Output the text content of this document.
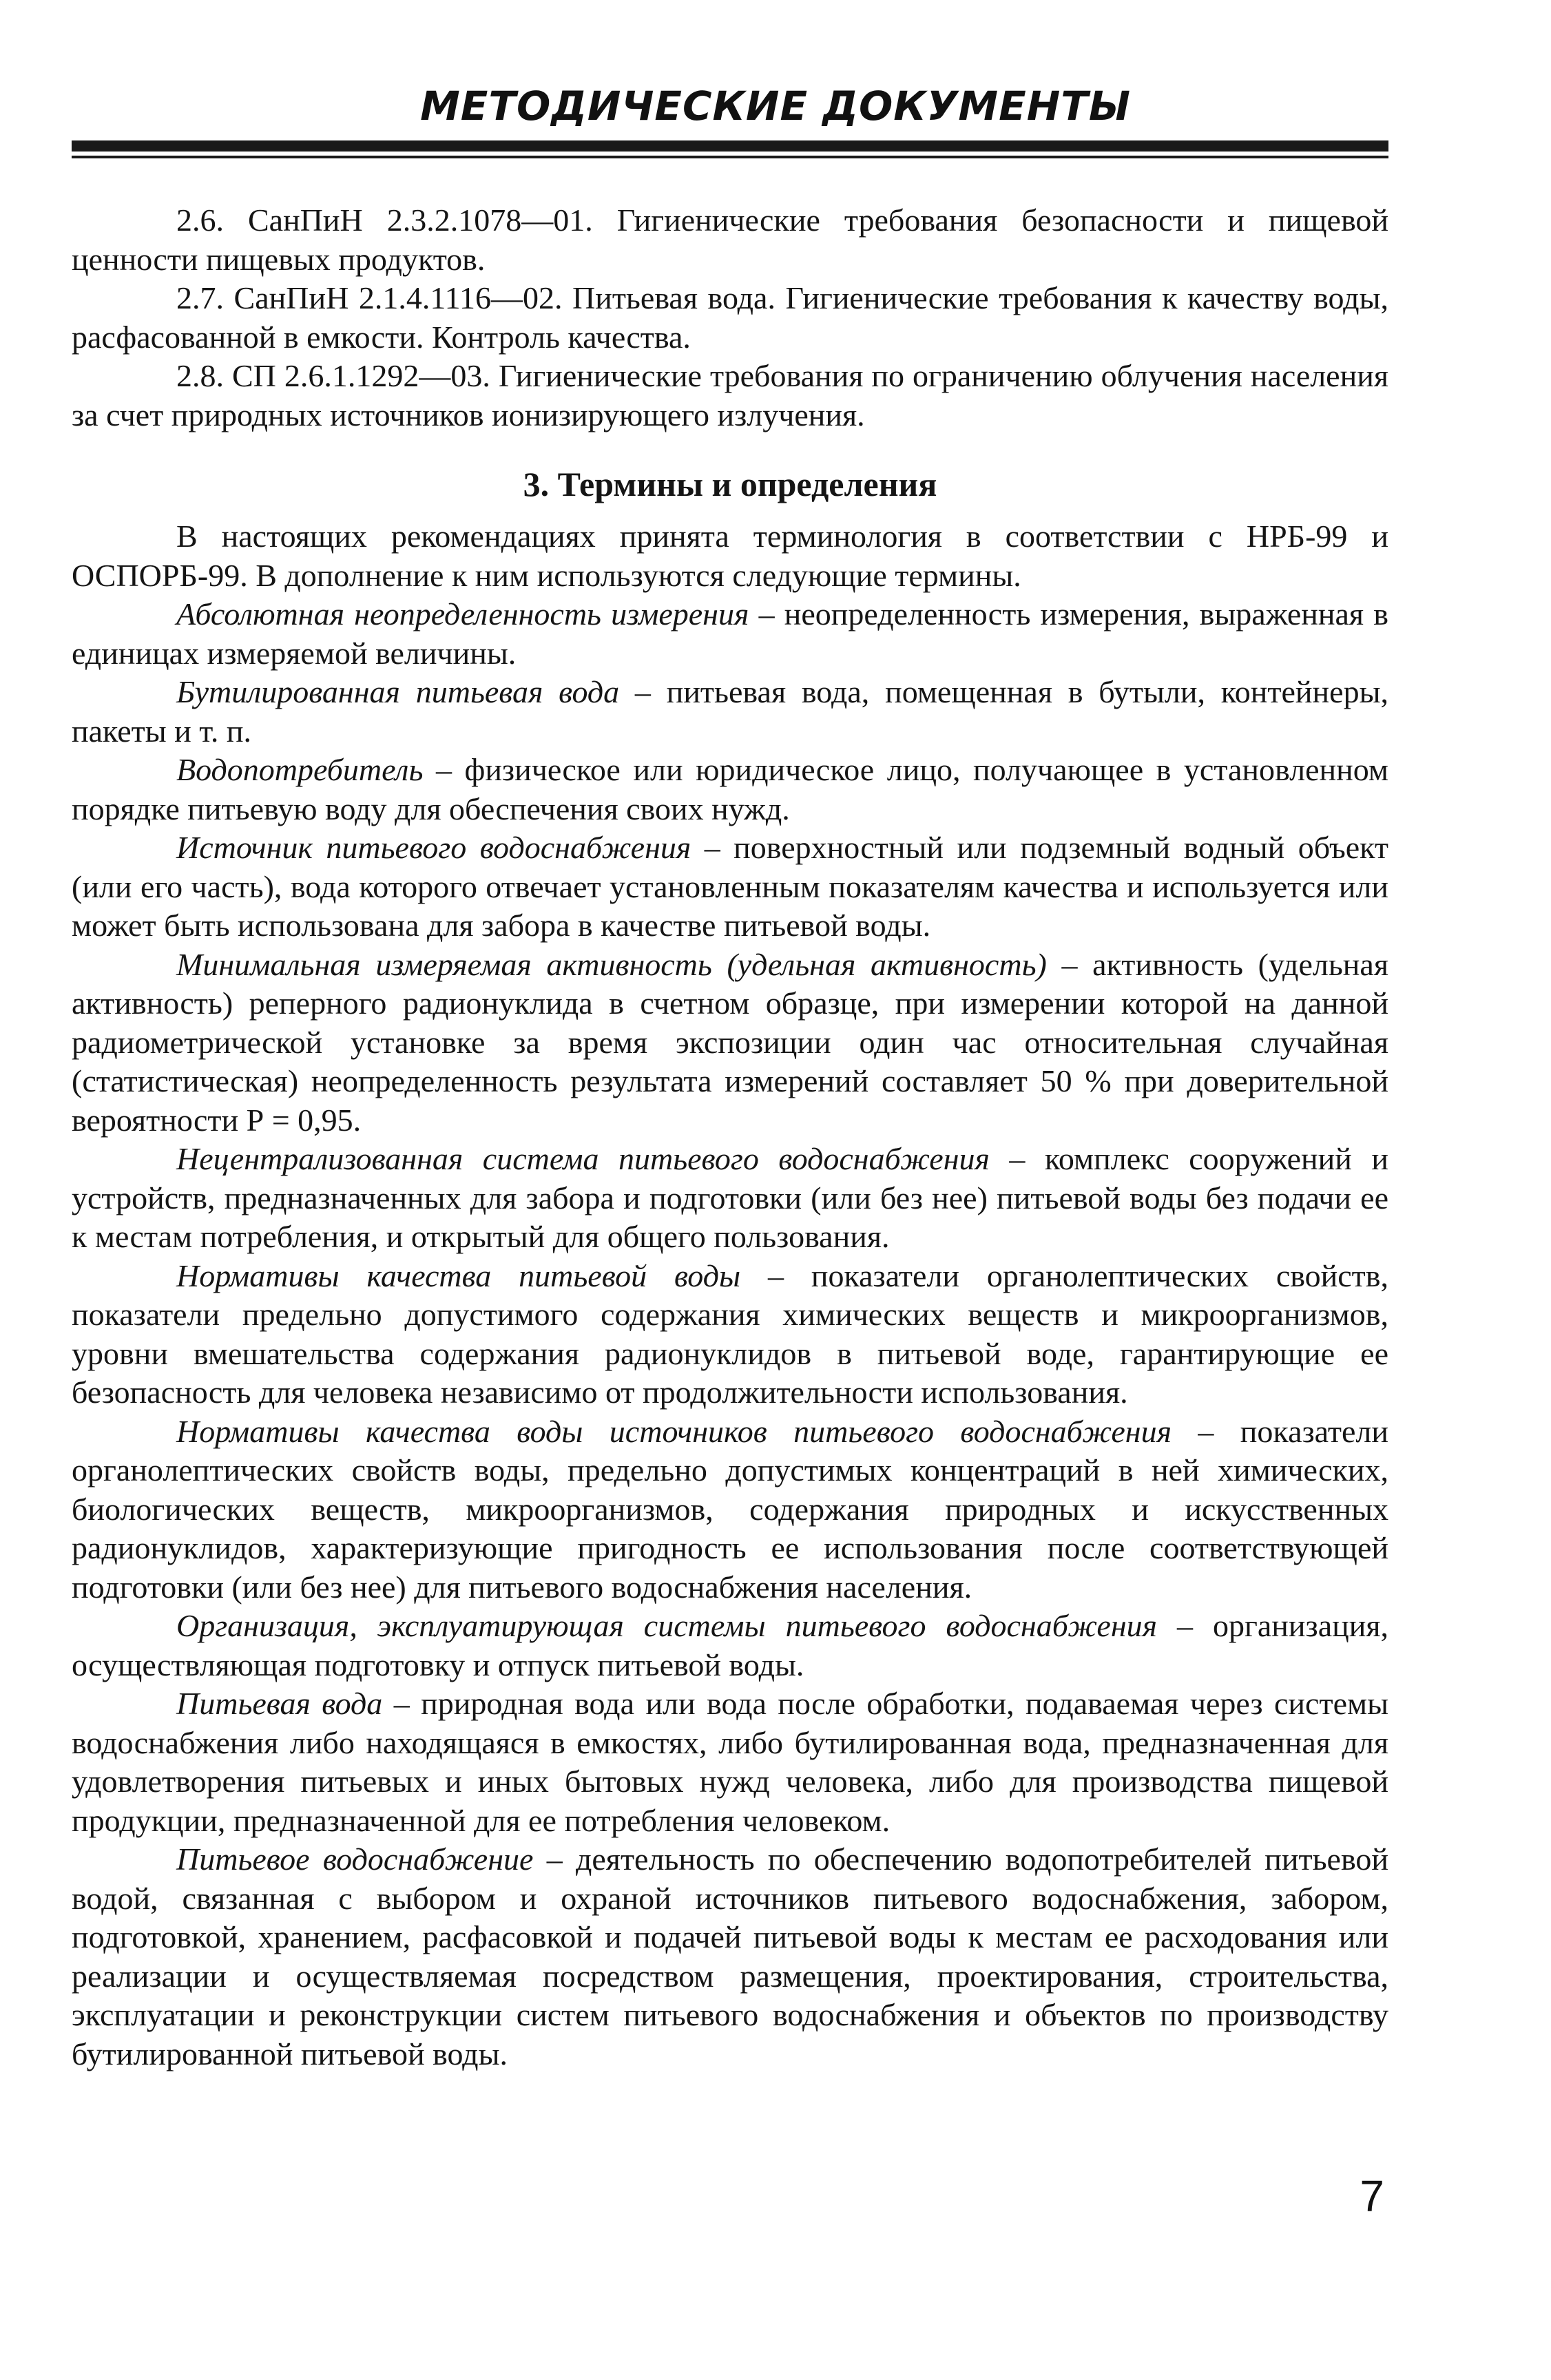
МЕТОДИЧЕСКИЕ ДОКУМЕНТЫ

2.6. СанПиН 2.3.2.1078—01. Гигиенические требования безопасности и пищевой ценности пищевых продуктов.

2.7. СанПиН 2.1.4.1116—02. Питьевая вода. Гигиенические требования к качеству воды, расфасованной в емкости. Контроль качества.

2.8. СП 2.6.1.1292—03. Гигиенические требования по ограничению облучения населения за счет природных источников ионизирующего излучения.

3. Термины и определения

В настоящих рекомендациях принята терминология в соответствии с НРБ-99 и ОСПОРБ-99. В дополнение к ним используются следующие термины.

Абсолютная неопределенность измерения – неопределенность измерения, выраженная в единицах измеряемой величины.

Бутилированная питьевая вода – питьевая вода, помещенная в бутыли, контейнеры, пакеты и т. п.

Водопотребитель – физическое или юридическое лицо, получающее в установленном порядке питьевую воду для обеспечения своих нужд.

Источник питьевого водоснабжения – поверхностный или подземный водный объект (или его часть), вода которого отвечает установленным показателям качества и используется или может быть использована для забора в качестве питьевой воды.

Минимальная измеряемая активность (удельная активность) – активность (удельная активность) реперного радионуклида в счетном образце, при измерении которой на данной радиометрической установке за время экспозиции один час относительная случайная (статистическая) неопределенность результата измерений составляет 50 % при доверительной вероятности Р = 0,95.

Нецентрализованная система питьевого водоснабжения – комплекс сооружений и устройств, предназначенных для забора и подготовки (или без нее) питьевой воды без подачи ее к местам потребления, и открытый для общего пользования.

Нормативы качества питьевой воды – показатели органолептических свойств, показатели предельно допустимого содержания химических веществ и микроорганизмов, уровни вмешательства содержания радионуклидов в питьевой воде, гарантирующие ее безопасность для человека независимо от продолжительности использования.

Нормативы качества воды источников питьевого водоснабжения – показатели органолептических свойств воды, предельно допустимых концентраций в ней химических, биологических веществ, микроорганизмов, содержания природных и искусственных радионуклидов, характеризующие пригодность ее использования после соответствующей подготовки (или без нее) для питьевого водоснабжения населения.

Организация, эксплуатирующая системы питьевого водоснабжения – организация, осуществляющая подготовку и отпуск питьевой воды.

Питьевая вода – природная вода или вода после обработки, подаваемая через системы водоснабжения либо находящаяся в емкостях, либо бутилированная вода, предназначенная для удовлетворения питьевых и иных бытовых нужд человека, либо для производства пищевой продукции, предназначенной для ее потребления человеком.

Питьевое водоснабжение – деятельность по обеспечению водопотребителей питьевой водой, связанная с выбором и охраной источников питьевого водоснабжения, забором, подготовкой, хранением, расфасовкой и подачей питьевой воды к местам ее расходования или реализации и осуществляемая посредством размещения, проектирования, строительства, эксплуатации и реконструкции систем питьевого водоснабжения и объектов по производству бутилированной питьевой воды.

7
